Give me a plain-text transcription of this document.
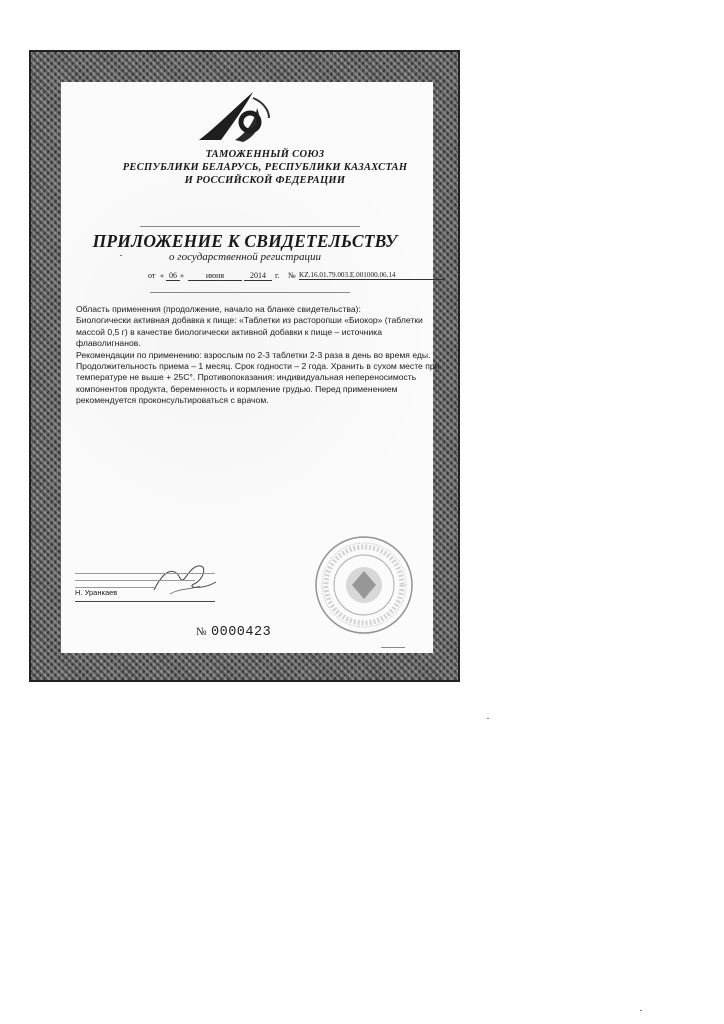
ТАМОЖЕННЫЙ СОЮЗ
РЕСПУБЛИКИ БЕЛАРУСЬ, РЕСПУБЛИКИ КАЗАХСТАН
И РОССИЙСКОЙ ФЕДЕРАЦИИ
ПРИЛОЖЕНИЕ К СВИДЕТЕЛЬСТВУ
о государственной регистрации
от « 06 »	июня	2014	г. № KZ.16.01.79.003.E.001000.06.14

Область применения (продолжение, начало на бланке свидетельства):

Биологически активная добавка к пище: «Таблетки из расторопши «Биокор» (таблетки

массой 0,5 г) в качестве биологически активной добавки к пище – источника

флаволигнанов.

Рекомендации по применению: взрослым по 2-3 таблетки 2-3 раза в день во время еды.

Продолжительность приема – 1 месяц. Срок годности – 2 года. Хранить в сухом месте при

температуре не выше + 25С°. Противопоказания: индивидуальная непереносимость

компонентов продукта, беременность и кормление грудью. Перед применением

рекомендуется проконсультироваться с врачом.

Н. Уранкаев
№ 0000423
